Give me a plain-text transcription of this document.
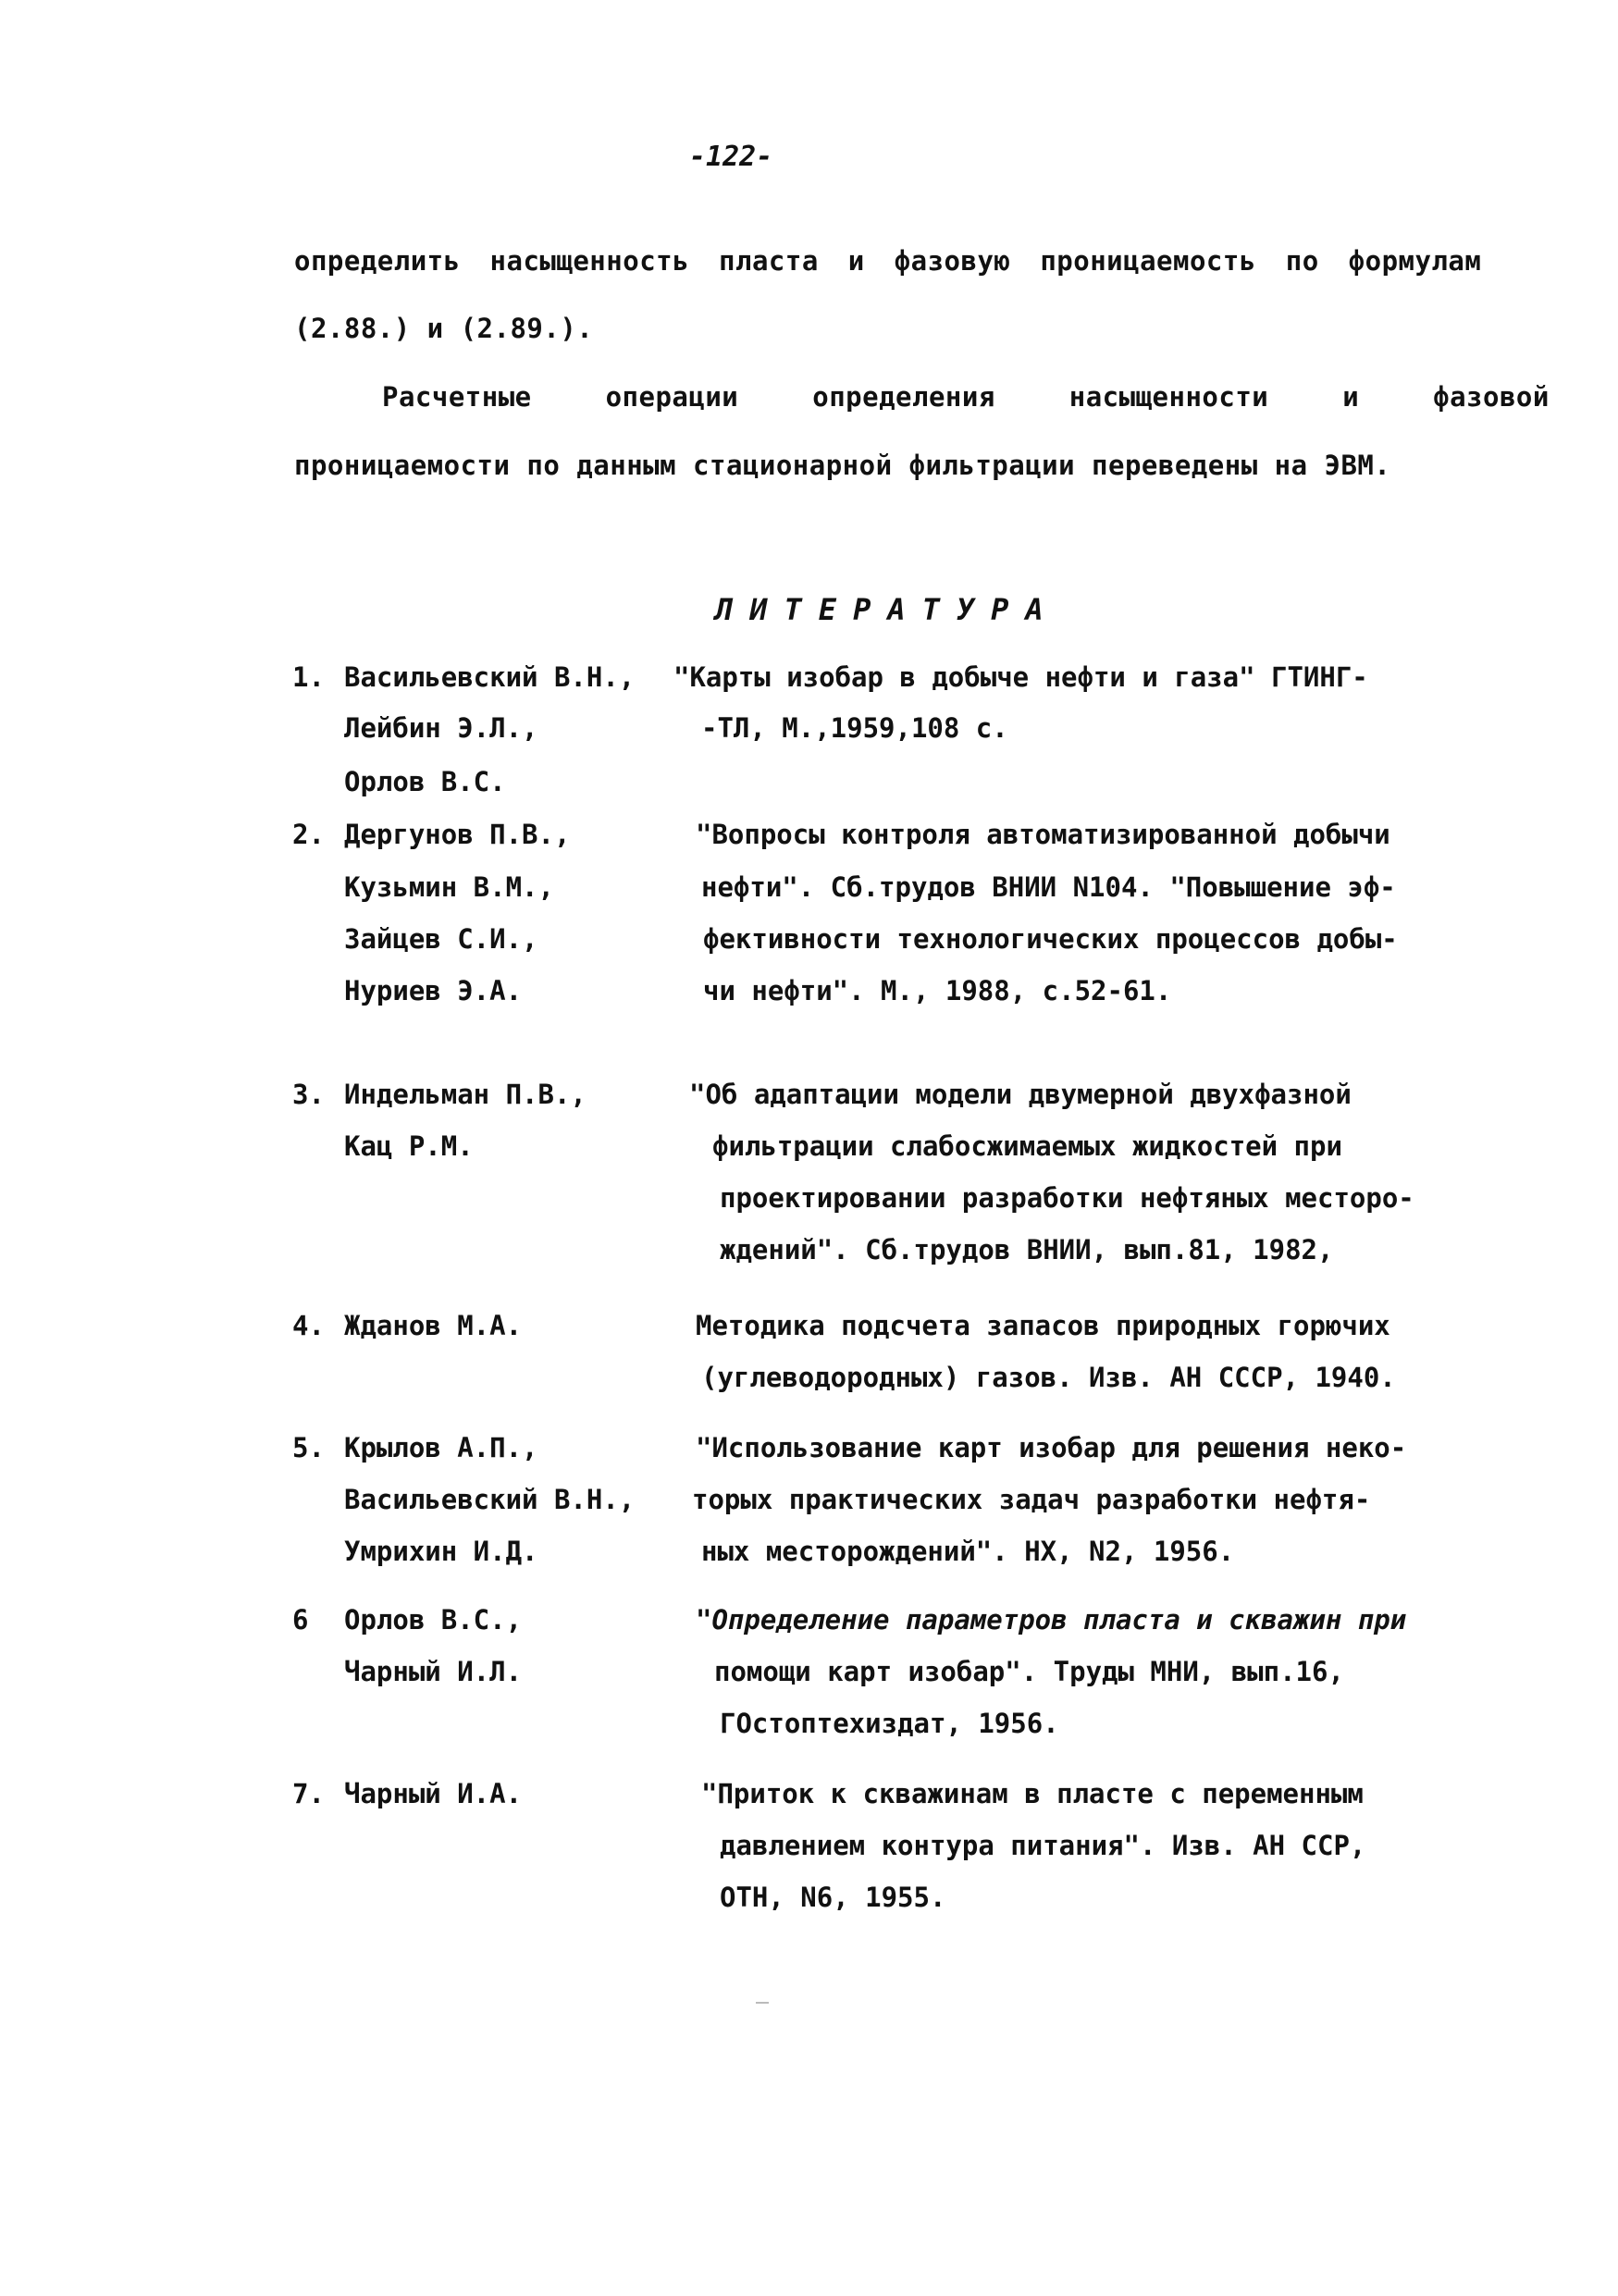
-122-
определить насыщенность пласта и фазовую проницаемость по формулам
(2.88.) и (2.89.).
Расчетные операции определения насыщенности и фазовой
проницаемости по данным стационарной фильтрации переведены на ЭВМ.
ЛИТЕРАТУРА
1. Васильевский В.Н.,
Лейбин Э.Л.,
Орлов В.С.
"Карты изобар в добыче нефти и газа" ГТИНГ-
-ТЛ, М.,1959,108 с.
2. Дергунов П.В.,
Кузьмин В.М.,
Зайцев С.И.,
Нуриев Э.А.
"Вопросы контроля автоматизированной добычи
нефти". Сб.трудов ВНИИ N104. "Повышение эф-
фективности технологических процессов добы-
чи нефти". М., 1988, с.52-61.
3. Индельман П.В.,
Кац Р.М.
"Об адаптации модели двумерной двухфазной
фильтрации слабосжимаемых жидкостей при
проектировании разработки нефтяных месторо-
ждений". Сб.трудов ВНИИ, вып.81, 1982,
4. Жданов М.А.	Методика подсчета запасов природных горючих
(углеводородных) газов. Изв. АН СССР, 1940.
5. Крылов А.П.,
Васильевский В.Н.,
Умрихин И.Д.
"Использование карт изобар для решения неко-
торых практических задач разработки нефтя-
ных месторождений". НХ, N2, 1956.
6 Орлов В.С.,
Чарный И.Л.
"Определение параметров пласта и скважин при
помощи карт изобар". Труды МНИ, вып.16,
ГОстоптехиздат, 1956.
7. Чарный И.А.	"Приток к скважинам в пласте с переменным
давлением контура питания". Изв. АН ССР,
ОТН, N6, 1955.
